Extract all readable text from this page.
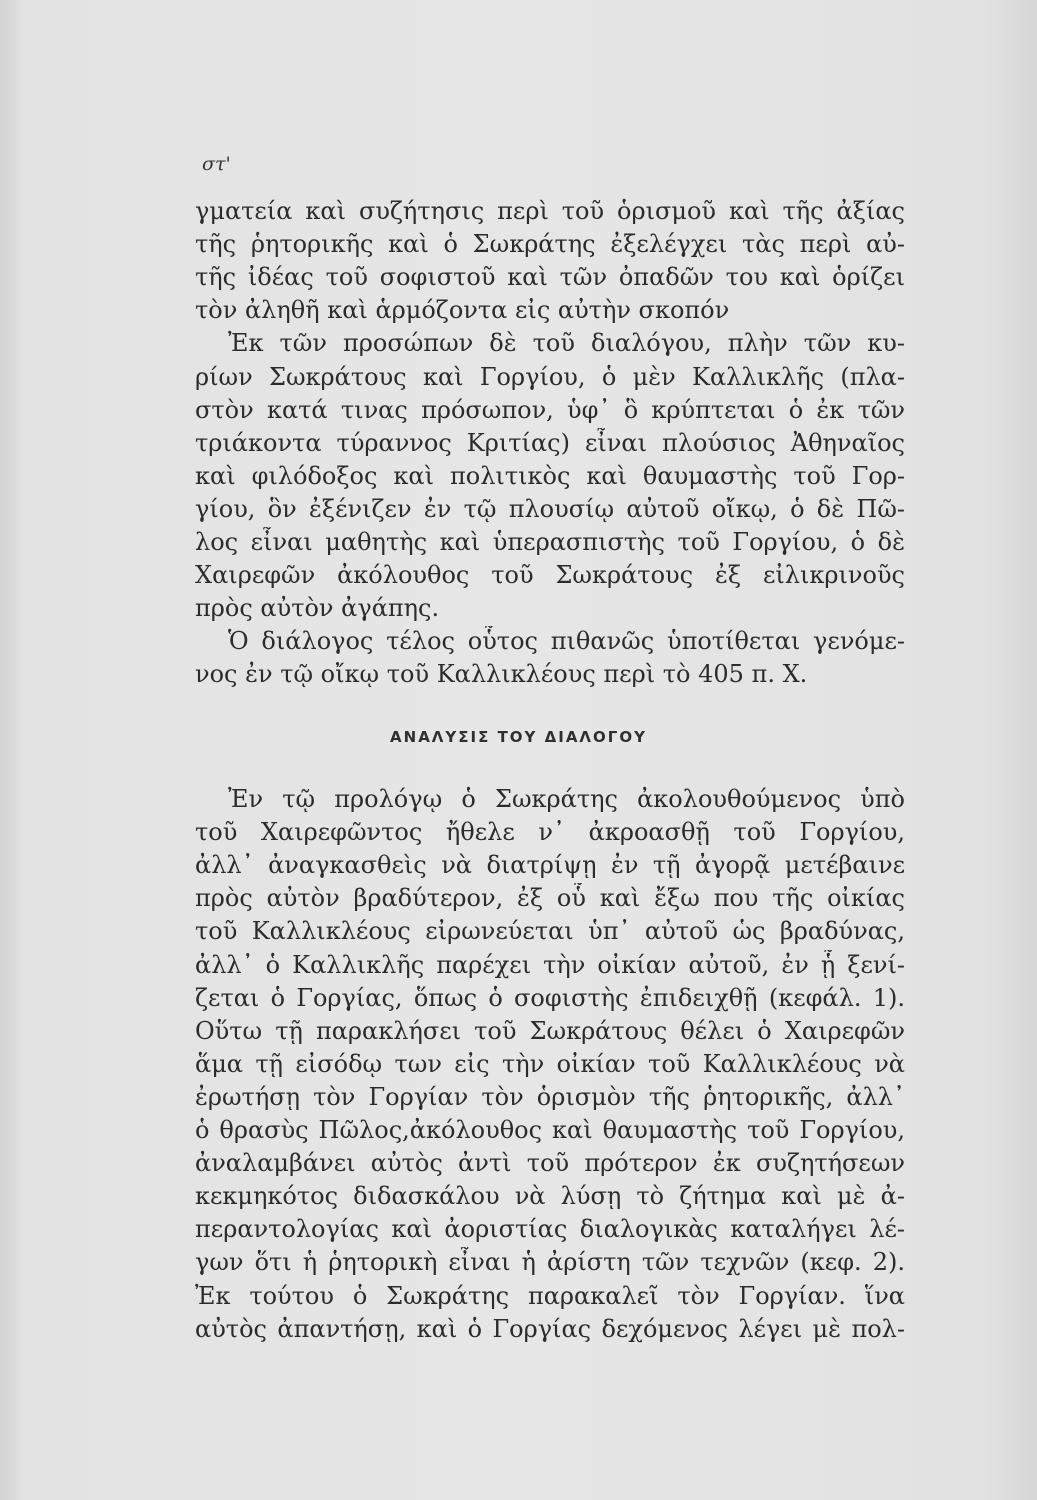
στ'
γματεία καὶ συζήτησις περὶ τοῦ ὁρισμοῦ καὶ τῆς ἀξίας
τῆς ῥητορικῆς καὶ ὁ Σωκράτης ἐξελέγχει τὰς περὶ αὐ-
τῆς ἰδέας τοῦ σοφιστοῦ καὶ τῶν ὀπαδῶν του καὶ ὁρίζει
τὸν ἀληθῆ καὶ ἁρμόζοντα εἰς αὐτὴν σκοπόν
Ἐκ τῶν προσώπων δὲ τοῦ διαλόγου, πλὴν τῶν κυ-
ρίων Σωκράτους καὶ Γοργίου, ὁ μὲν Καλλικλῆς (πλα-
στὸν κατά τινας πρόσωπον, ὑφ᾽ ὃ κρύπτεται ὁ ἐκ τῶν
τριάκοντα τύραννος Κριτίας) εἶναι πλούσιος Ἀθηναῖος
καὶ φιλόδοξος καὶ πολιτικὸς καὶ θαυμαστὴς τοῦ Γορ-
γίου, ὃν ἐξένιζεν ἐν τῷ πλουσίῳ αὐτοῦ οἴκῳ, ὁ δὲ Πῶ-
λος εἶναι μαθητὴς καὶ ὑπερασπιστὴς τοῦ Γοργίου, ὁ δὲ
Χαιρεφῶν ἀκόλουθος τοῦ Σωκράτους ἐξ εἰλικρινοῦς
πρὸς αὐτὸν ἀγάπης.
Ὁ διάλογος τέλος οὗτος πιθανῶς ὑποτίθεται γενόμε-
νος ἐν τῷ οἴκῳ τοῦ Καλλικλέους περὶ τὸ 405 π. Χ.
ΑΝΑΛΥΣΙΣ ΤΟΥ ΔΙΑΛΟΓΟΥ
Ἐν τῷ προλόγῳ ὁ Σωκράτης ἀκολουθούμενος ὑπὸ
τοῦ Χαιρεφῶντος ἤθελε ν᾽ ἀκροασθῇ τοῦ Γοργίου,
ἀλλ᾽ ἀναγκασθεὶς νὰ διατρίψῃ ἐν τῇ ἀγορᾷ μετέβαινε
πρὸς αὐτὸν βραδύτερον, ἐξ οὗ καὶ ἔξω που τῆς οἰκίας
τοῦ Καλλικλέους εἰρωνεύεται ὑπ᾽ αὐτοῦ ὡς βραδύνας,
ἀλλ᾽ ὁ Καλλικλῆς παρέχει τὴν οἰκίαν αὐτοῦ, ἐν ᾗ ξενί-
ζεται ὁ Γοργίας, ὅπως ὁ σοφιστὴς ἐπιδειχθῇ (κεφάλ. 1).
Οὕτω τῇ παρακλήσει τοῦ Σωκράτους θέλει ὁ Χαιρεφῶν
ἅμα τῇ εἰσόδῳ των εἰς τὴν οἰκίαν τοῦ Καλλικλέους νὰ
ἐρωτήσῃ τὸν Γοργίαν τὸν ὁρισμὸν τῆς ῥητορικῆς, ἀλλ᾽
ὁ θρασὺς Πῶλος,ἀκόλουθος καὶ θαυμαστὴς τοῦ Γοργίου,
ἀναλαμβάνει αὐτὸς ἀντὶ τοῦ πρότερον ἐκ συζητήσεων
κεκμηκότος διδασκάλου νὰ λύσῃ τὸ ζήτημα καὶ μὲ ἀ-
περαντολογίας καὶ ἀοριστίας διαλογικὰς καταλήγει λέ-
γων ὅτι ἡ ῥητορικὴ εἶναι ἡ ἀρίστη τῶν τεχνῶν (κεφ. 2).
Ἐκ τούτου ὁ Σωκράτης παρακαλεῖ τὸν Γοργίαν. ἵνα
αὐτὸς ἀπαντήσῃ, καὶ ὁ Γοργίας δεχόμενος λέγει μὲ πολ-
